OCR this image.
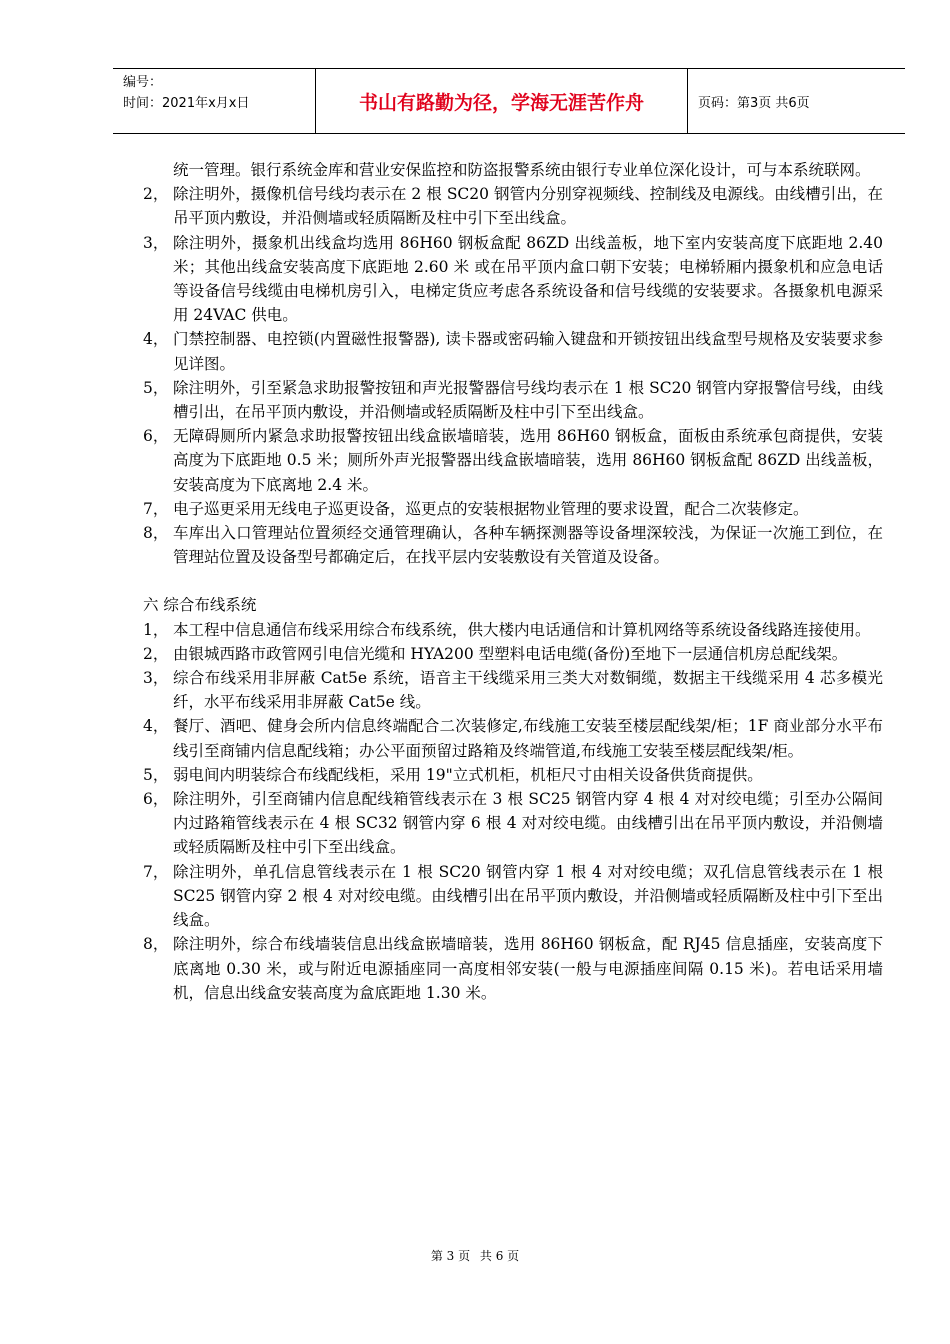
编号：
时间：2021年x月x日	书山有路勤为径，学海无涯苦作舟	页码：第3页 共6页

统一管理。银行系统金库和营业安保监控和防盗报警系统由银行专业单位深化设计，可与本系统联网。

2， 除注明外，摄像机信号线均表示在 2 根 SC20 钢管内分别穿视频线、控制线及电源线。由线槽引出，在吊平顶内敷设，并沿侧墙或轻质隔断及柱中引下至出线盒。
3， 除注明外，摄象机出线盒均选用 86H60 钢板盒配 86ZD 出线盖板，地下室内安装高度下底距地 2.40 米；其他出线盒安装高度下底距地 2.60 米 或在吊平顶内盒口朝下安装；电梯轿厢内摄象机和应急电话等设备信号线缆由电梯机房引入，电梯定货应考虑各系统设备和信号线缆的安装要求。各摄象机电源采用 24VAC 供电。
4， 门禁控制器、电控锁(内置磁性报警器), 读卡器或密码输入键盘和开锁按钮出线盒型号规格及安装要求参见详图。
5， 除注明外，引至紧急求助报警按钮和声光报警器信号线均表示在 1 根 SC20 钢管内穿报警信号线，由线槽引出，在吊平顶内敷设，并沿侧墙或轻质隔断及柱中引下至出线盒。
6， 无障碍厕所内紧急求助报警按钮出线盒嵌墙暗装，选用 86H60 钢板盒，面板由系统承包商提供，安装高度为下底距地 0.5 米；厕所外声光报警器出线盒嵌墙暗装，选用 86H60 钢板盒配 86ZD 出线盖板，安装高度为下底离地 2.4 米。
7， 电子巡更采用无线电子巡更设备，巡更点的安装根据物业管理的要求设置，配合二次装修定。
8， 车库出入口管理站位置须经交通管理确认，各种车辆探测器等设备埋深较浅，为保证一次施工到位，在管理站位置及设备型号都确定后，在找平层内安装敷设有关管道及设备。

六 综合布线系统

1， 本工程中信息通信布线采用综合布线系统，供大楼内电话通信和计算机网络等系统设备线路连接使用。
2， 由银城西路市政管网引电信光缆和 HYA200 型塑料电话电缆(备份)至地下一层通信机房总配线架。
3， 综合布线采用非屏蔽 Cat5e 系统，语音主干线缆采用三类大对数铜缆，数据主干线缆采用 4 芯多模光纤，水平布线采用非屏蔽 Cat5e 线。
4， 餐厅、酒吧、健身会所内信息终端配合二次装修定,布线施工安装至楼层配线架/柜；1F 商业部分水平布线引至商铺内信息配线箱；办公平面预留过路箱及终端管道,布线施工安装至楼层配线架/柜。
5， 弱电间内明装综合布线配线柜，采用 19"立式机柜，机柜尺寸由相关设备供货商提供。
6， 除注明外，引至商铺内信息配线箱管线表示在 3 根 SC25 钢管内穿 4 根 4 对对绞电缆；引至办公隔间内过路箱管线表示在 4 根 SC32 钢管内穿 6 根 4 对对绞电缆。由线槽引出在吊平顶内敷设，并沿侧墙或轻质隔断及柱中引下至出线盒。
7， 除注明外，单孔信息管线表示在 1 根 SC20 钢管内穿 1 根 4 对对绞电缆；双孔信息管线表示在 1 根 SC25 钢管内穿 2 根 4 对对绞电缆。由线槽引出在吊平顶内敷设，并沿侧墙或轻质隔断及柱中引下至出线盒。
8， 除注明外，综合布线墙装信息出线盒嵌墙暗装，选用 86H60 钢板盒，配 RJ45 信息插座，安装高度下底离地 0.30 米，或与附近电源插座同一高度相邻安装(一般与电源插座间隔 0.15 米)。若电话采用墙机，信息出线盒安装高度为盒底距地 1.30 米。
第 3 页 共 6 页
